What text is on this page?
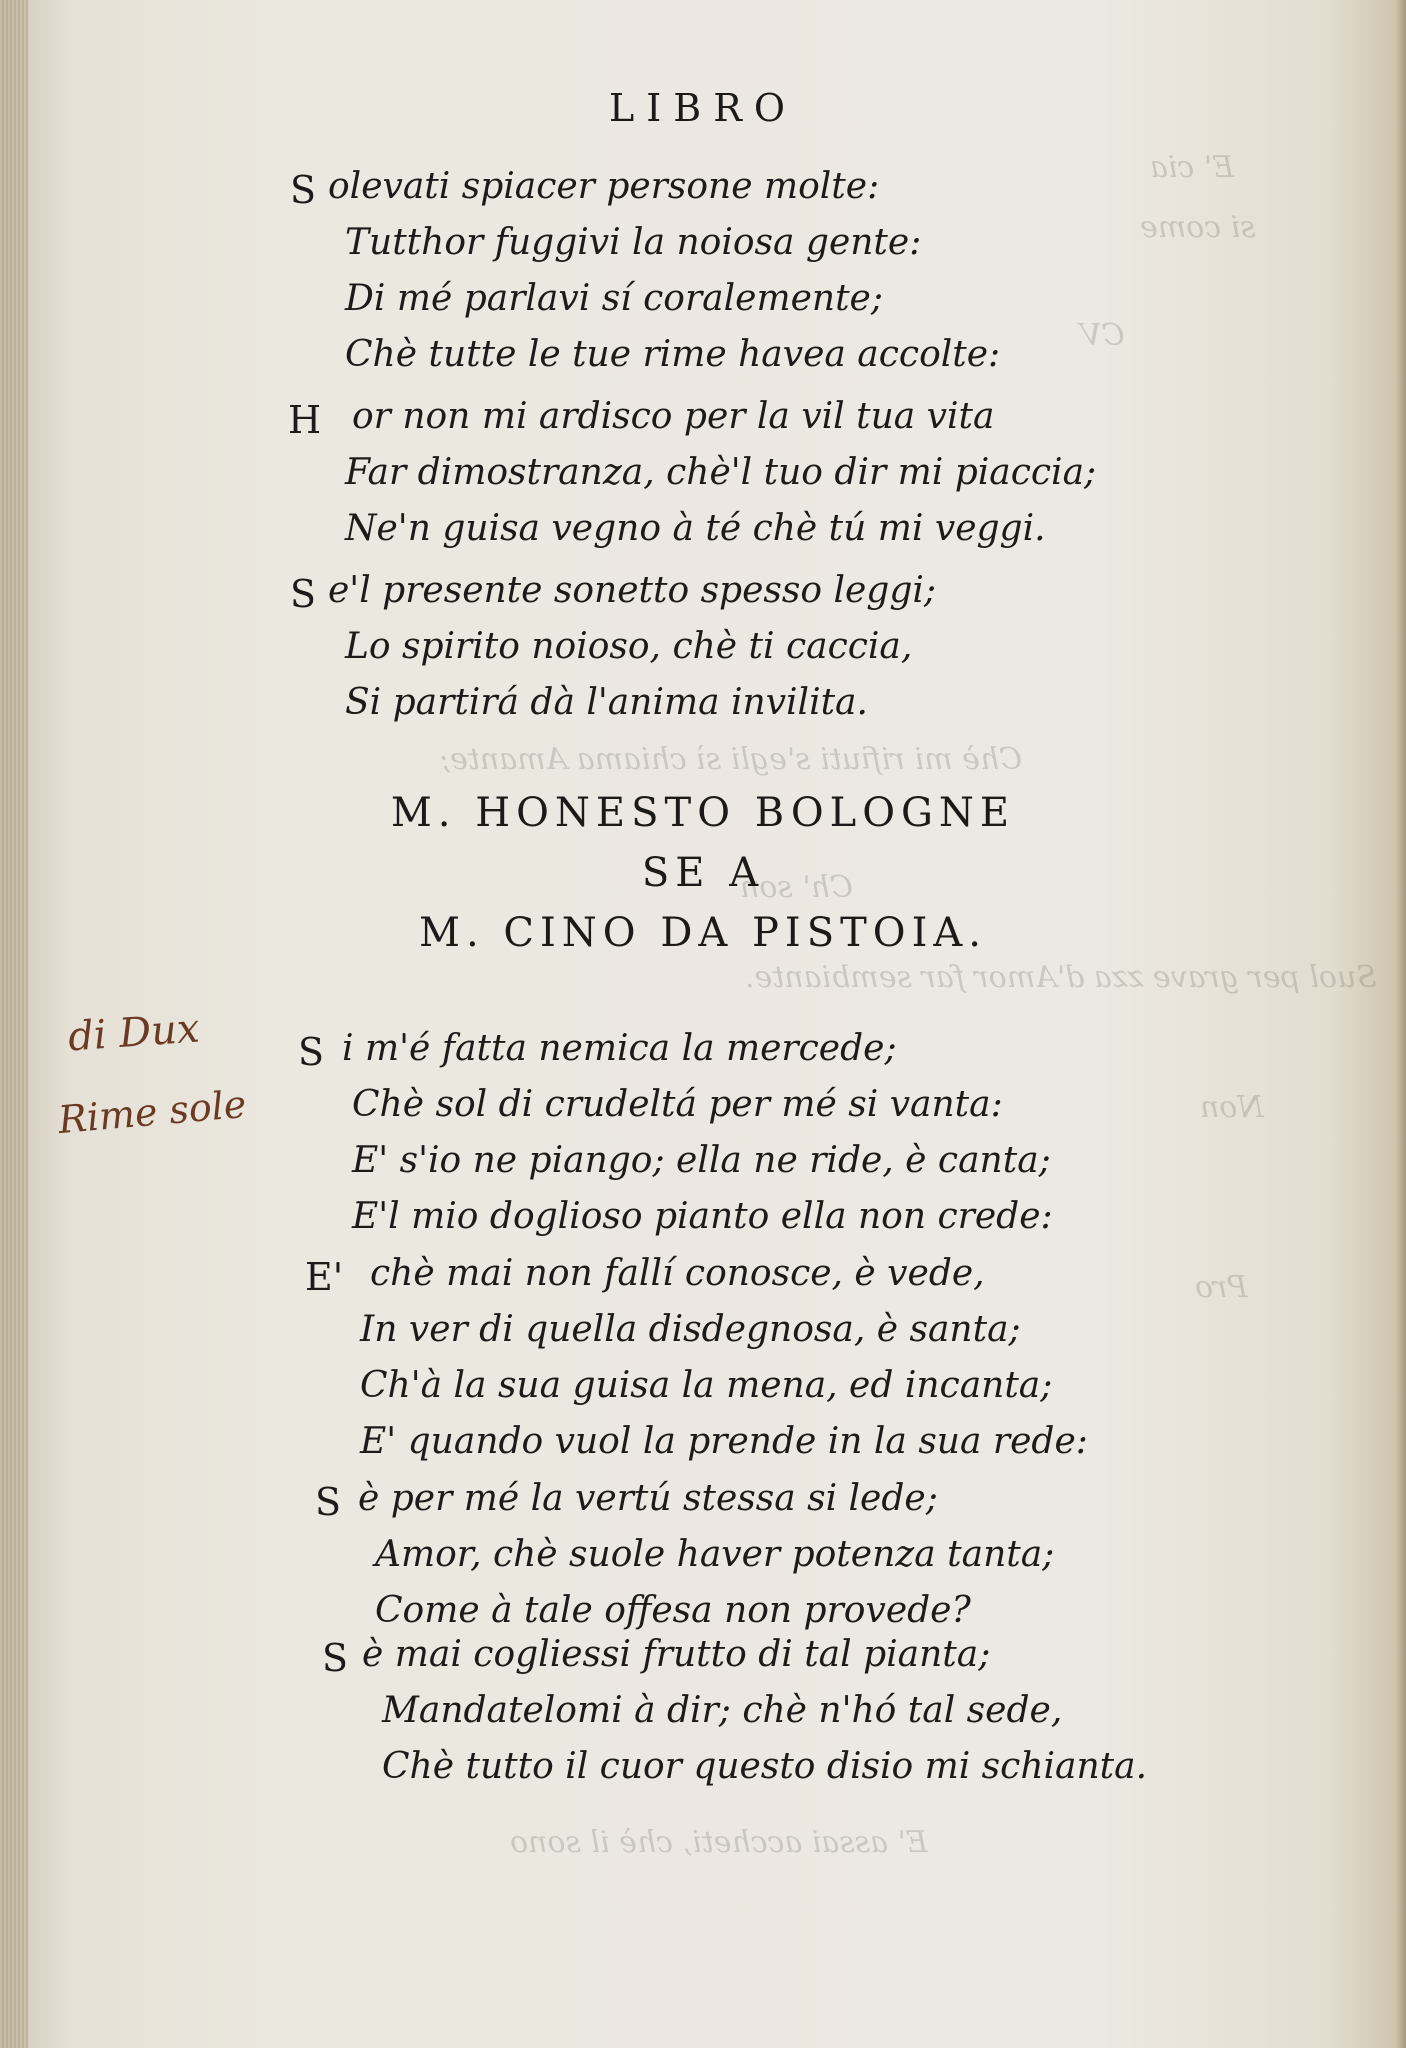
E' cia
si come
CV
Chè mi rifiuti s'egli sì chiama Amante;
Ch' son
Suol per grave zza d'Amor far sembiante.
Non
Pro
E' assai accheti, chè il sono
LIBRO
S olevati spiacer persone molte:
Tutthor fuggivi la noiosa gente:
Di mé parlavi sí coralemente;
Chè tutte le tue rime havea accolte:
H or non mi ardisco per la vil tua vita
Far dimostranza, chè'l tuo dir mi piaccia;
Ne'n guisa vegno à té chè tú mi veggi.
S e'l presente sonetto spesso leggi;
Lo spirito noioso, chè ti caccia,
Si partirá dà l'anima invilita.
M. HONESTO BOLOGNE
SE A
M. CINO DA PISTOIA.
S i m'é fatta nemica la mercede;
Chè sol di crudeltá per mé si vanta:
E' s'io ne piango; ella ne ride, è canta;
E'l mio doglioso pianto ella non crede:
E' chè mai non fallí conosce, è vede,
In ver di quella disdegnosa, è santa;
Ch'à la sua guisa la mena, ed incanta;
E' quando vuol la prende in la sua rede:
S è per mé la vertú stessa si lede;
Amor, chè suole haver potenza tanta;
Come à tale offesa non provede?
S è mai cogliessi frutto di tal pianta;
Mandatelomi à dir; chè n'hó tal sede,
Chè tutto il cuor questo disio mi schianta.
di Dux
Rime sole
